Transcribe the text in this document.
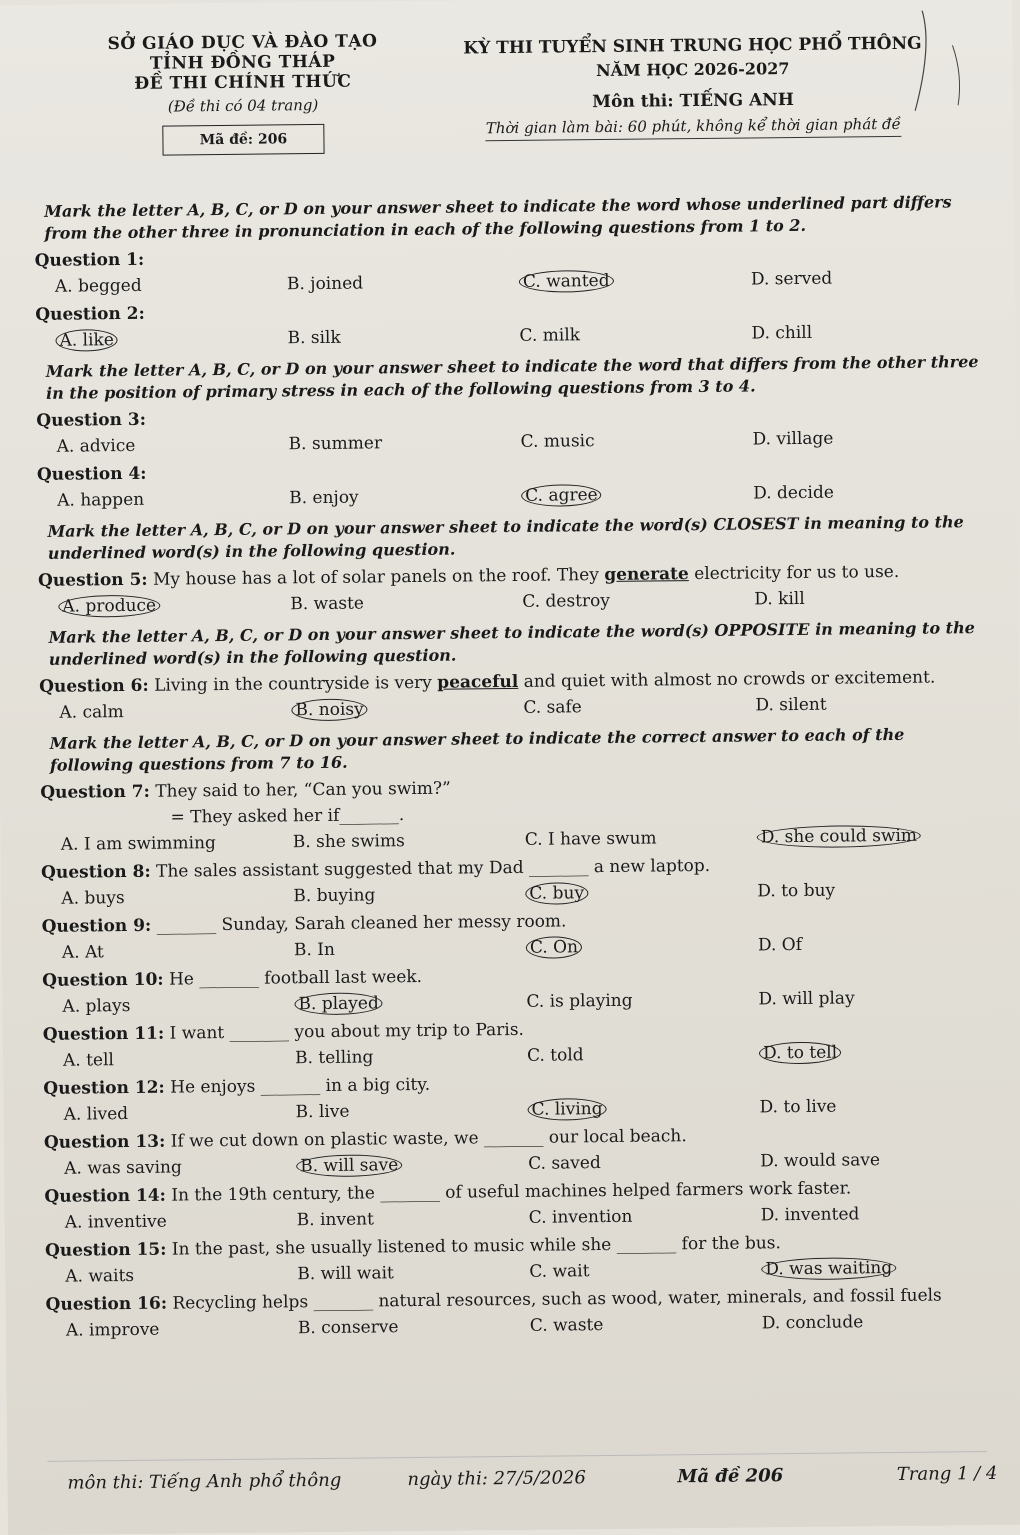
SỞ GIÁO DỤC VÀ ĐÀO TẠO
TỈNH ĐỒNG THÁP
ĐỀ THI CHÍNH THỨC
(Đề thi có 04 trang)
Mã đề: 206
KỲ THI TUYỂN SINH TRUNG HỌC PHỔ THÔNG
NĂM HỌC 2026-2027
Môn thi: TIẾNG ANH
Thời gian làm bài: 60 phút, không kể thời gian phát đề
Mark the letter A, B, C, or D on your answer sheet to indicate the word whose underlined part differs from the other three in pronunciation in each of the following questions from 1 to 2.
Question 1:
A. begged	B. joined	C. wanted	D. served
Question 2:
A. like	B. silk	C. milk	D. chill
Mark the letter A, B, C, or D on your answer sheet to indicate the word that differs from the other three in the position of primary stress in each of the following questions from 3 to 4.
Question 3:
A. advice	B. summer	C. music	D. village
Question 4:
A. happen	B. enjoy	C. agree	D. decide
Mark the letter A, B, C, or D on your answer sheet to indicate the word(s) CLOSEST in meaning to the underlined word(s) in the following question.
Question 5: My house has a lot of solar panels on the roof. They generate electricity for us to use.
A. produce	B. waste	C. destroy	D. kill
Mark the letter A, B, C, or D on your answer sheet to indicate the word(s) OPPOSITE in meaning to the underlined word(s) in the following question.
Question 6: Living in the countryside is very peaceful and quiet with almost no crowds or excitement.
A. calm	B. noisy	C. safe	D. silent
Mark the letter A, B, C, or D on your answer sheet to indicate the correct answer to each of the following questions from 7 to 16.
Question 7: They said to her, “Can you swim?”
= They asked her if_______.
A. I am swimming	B. she swims	C. I have swum	D. she could swim
Question 8: The sales assistant suggested that my Dad _______ a new laptop.
A. buys	B. buying	C. buy	D. to buy
Question 9: _______ Sunday, Sarah cleaned her messy room.
A. At	B. In	C. On	D. Of
Question 10: He _______ football last week.
A. plays	B. played	C. is playing	D. will play
Question 11: I want _______ you about my trip to Paris.
A. tell	B. telling	C. told	D. to tell
Question 12: He enjoys _______ in a big city.
A. lived	B. live	C. living	D. to live
Question 13: If we cut down on plastic waste, we _______ our local beach.
A. was saving	B. will save	C. saved	D. would save
Question 14: In the 19th century, the _______ of useful machines helped farmers work faster.
A. inventive	B. invent	C. invention	D. invented
Question 15: In the past, she usually listened to music while she _______ for the bus.
A. waits	B. will wait	C. wait	D. was waiting
Question 16: Recycling helps _______ natural resources, such as wood, water, minerals, and fossil fuels
A. improve	B. conserve	C. waste	D. conclude
môn thi: Tiếng Anh phổ thông	ngày thi: 27/5/2026	Mã đề 206	Trang 1 / 4
